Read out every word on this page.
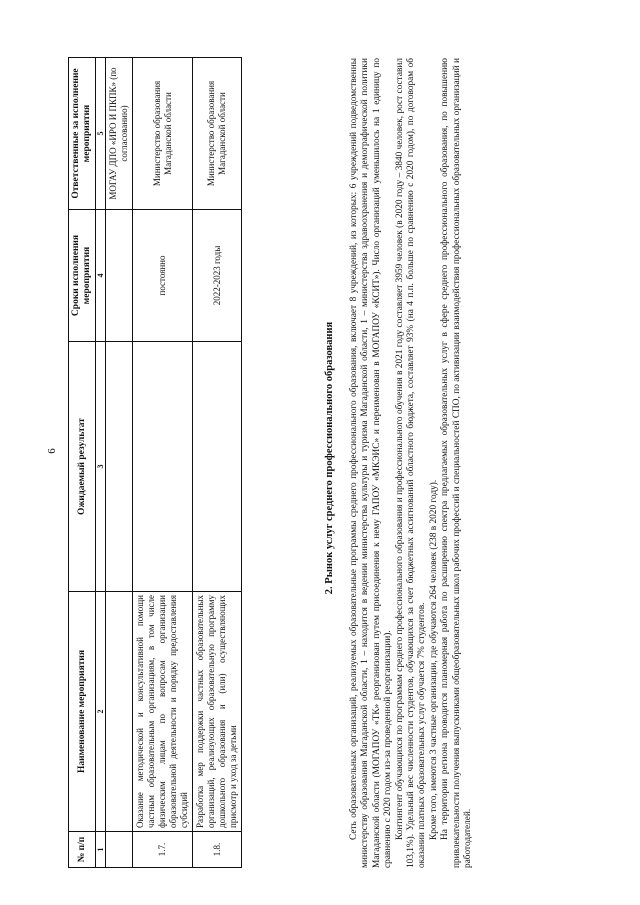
6
№ п/п	Наименование мероприятия	Ожидаемый результат	Сроки исполнения мероприятия	Ответственные за исполнение мероприятия
1	2	3	4	5
				МОГАУ ДПО «ИРО И ПКПК» (по согласованию)
1.7.	Оказание методической и консультативной помощи частным образовательным организациям, в том числе физическим лицам по вопросам организации образовательной деятельности и порядку предоставления субсидий		постоянно	Министерство образования Магаданской области
1.8.	Разработка мер поддержки частных образовательных организаций, реализующих образовательную программу дошкольного образования и (или) осуществляющих присмотр и уход за детьми		2022-2023 годы	Министерство образования Магаданской области
2. Рынок услуг среднего профессионального образования Сеть образовательных организаций, реализуемых образовательные программы среднего профессионального образования, включает 8 учреждений, из которых: 6 учреждений подведомственны министерству образования Магаданской области, 1 – находится в ведении министерства культуры и туризма Магаданской области, 1 – министерства здравоохранения и демографической политики Магаданской области (МОГАПОУ «ТК» реорганизован путем присоединения к нему ГАПОУ «МКЭИС» и переименован в МОГАПОУ «КСИТ»). Число организаций уменьшилось на 1 единицу по сравнению с 2020 годом из-за проведенной реорганизации). Контингент обучающихся по программам среднего профессионального образования и профессионального обучения в 2021 году составляет 3959 человек (в 2020 году – 3840 человек, рост составил 103,1%). Удельный вес численности студентов, обучающихся за счет бюджетных ассигнований областного бюджета, составляет 93% (на 4 п.п. больше по сравнению с 2020 годом), по договорам об оказании платных образовательных услуг обучается 7% студентов. Кроме того, имеются 3 частные организации, где обучаются 264 человек (238 в 2020 году). На территории региона проводится планомерная работа по расширению спектра предлагаемых образовательных услуг в сфере среднего профессионального образования, по повышению привлекательности получения выпускниками общеобразовательных школ рабочих профессий и специальностей СПО, по активизации взаимодействия профессиональных образовательных организаций и работодателей.
